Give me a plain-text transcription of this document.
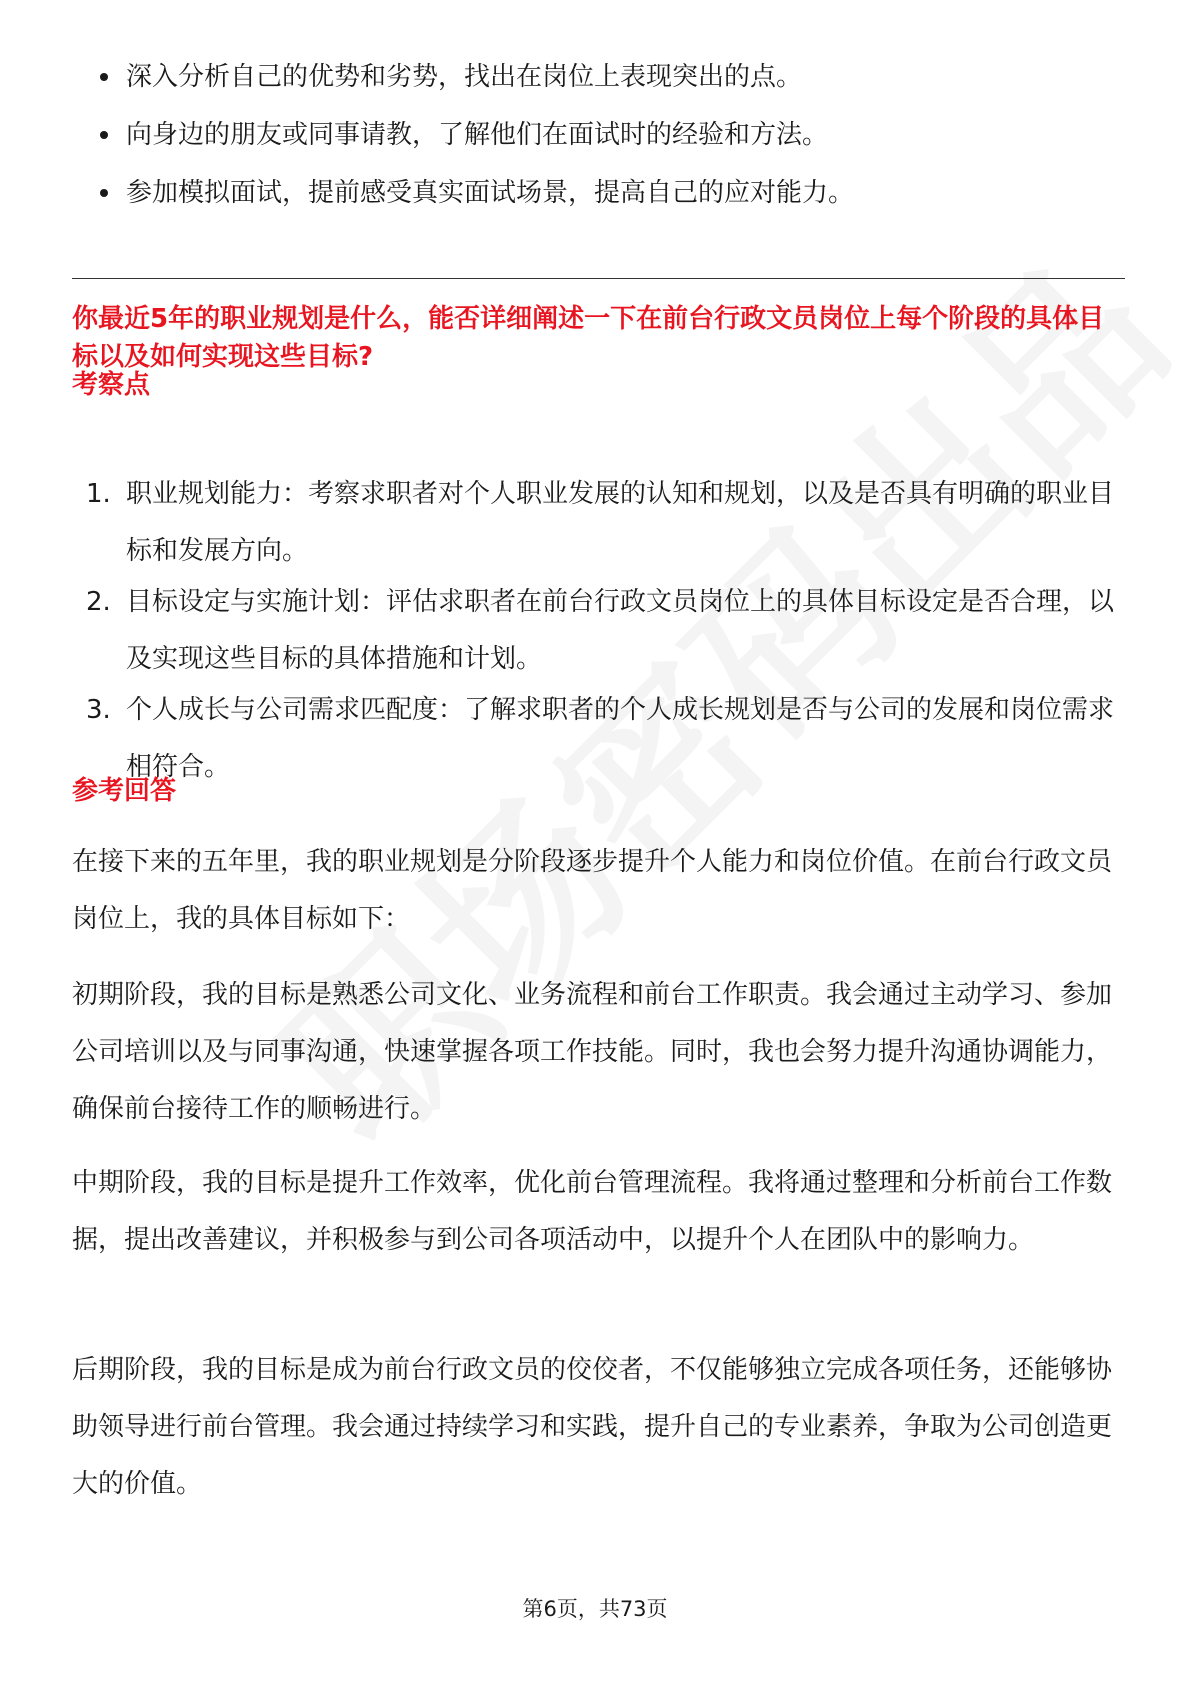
深入分析自己的优势和劣势，找出在岗位上表现突出的点。
向身边的朋友或同事请教，了解他们在面试时的经验和方法。
参加模拟面试，提前感受真实面试场景，提高自己的应对能力。
你最近5年的职业规划是什么，能否详细阐述一下在前台行政文员岗位上每个阶段的具体目标以及如何实现这些目标?
考察点
1. 职业规划能力：考察求职者对个人职业发展的认知和规划，以及是否具有明确的职业目标和发展方向。
2. 目标设定与实施计划：评估求职者在前台行政文员岗位上的具体目标设定是否合理，以及实现这些目标的具体措施和计划。
3. 个人成长与公司需求匹配度：了解求职者的个人成长规划是否与公司的发展和岗位需求相符合。
参考回答

在接下来的五年里，我的职业规划是分阶段逐步提升个人能力和岗位价值。在前台行政文员岗位上，我的具体目标如下：

初期阶段，我的目标是熟悉公司文化、业务流程和前台工作职责。我会通过主动学习、参加公司培训以及与同事沟通，快速掌握各项工作技能。同时，我也会努力提升沟通协调能力，确保前台接待工作的顺畅进行。

中期阶段，我的目标是提升工作效率，优化前台管理流程。我将通过整理和分析前台工作数据，提出改善建议，并积极参与到公司各项活动中，以提升个人在团队中的影响力。

后期阶段，我的目标是成为前台行政文员的佼佼者，不仅能够独立完成各项任务，还能够协助领导进行前台管理。我会通过持续学习和实践，提升自己的专业素养，争取为公司创造更大的价值。

第6页，共73页
